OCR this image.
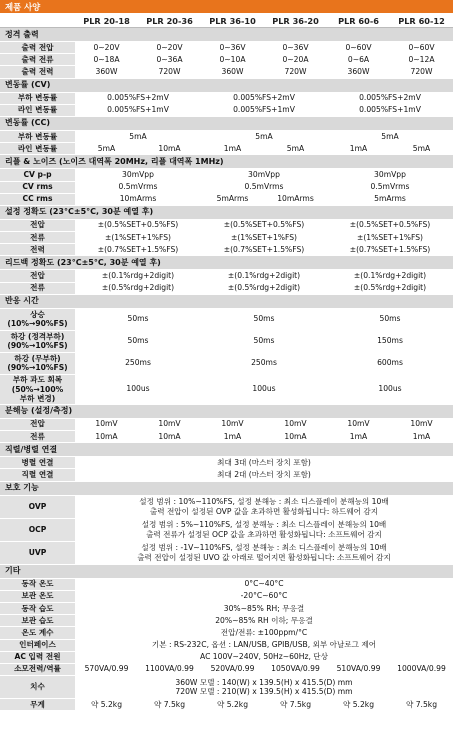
제품 사양						
	PLR 20-18	PLR 20-36	PLR 36-10	PLR 36-20	PLR 60-6	PLR 60-12
정격 출력						
출력 전압	0~20V	0~20V	0~36V	0~36V	0~60V	0~60V
출력 전류	0~18A	0~36A	0~10A	0~20A	0~6A	0~12A
출력 전력	360W	720W	360W	720W	360W	720W
변동률 (CV)						
부하 변동률	0.005%FS+2mV		0.005%FS+2mV		0.005%FS+2mV	
라인 변동률	0.005%FS+1mV		0.005%FS+1mV		0.005%FS+1mV	
변동률 (CC)						
부하 변동률	5mA		5mA		5mA	
라인 변동률	5mA	10mA	1mA	5mA	1mA	5mA
리플 & 노이즈 (노이즈 대역폭 20MHz, 리플 대역폭 1MHz)						
CV p-p	30mVpp		30mVpp		30mVpp	
CV rms	0.5mVrms		0.5mVrms		0.5mVrms	
CC rms	10mArms		5mArms	10mArms	5mArms	
설정 정확도 (23°C±5°C, 30분 예열 후)						
전압	±(0.5%SET+0.5%FS)		±(0.5%SET+0.5%FS)		±(0.5%SET+0.5%FS)	
전류	±(1%SET+1%FS)		±(1%SET+1%FS)		±(1%SET+1%FS)	
전력	±(0.7%SET+1.5%FS)		±(0.7%SET+1.5%FS)		±(0.7%SET+1.5%FS)	
리드백 정확도 (23°C±5°C, 30분 예열 후)						
전압	±(0.1%rdg+2digit)		±(0.1%rdg+2digit)		±(0.1%rdg+2digit)	
전류	±(0.5%rdg+2digit)		±(0.5%rdg+2digit)		±(0.5%rdg+2digit)	
반응 시간						

상승
(10%→90%FS)	50ms		50ms		50ms	

하강 (정격부하)
(90%→10%FS)	50ms		50ms		150ms	

하강 (무부하)
(90%→10%FS)	250ms		250ms		600ms	

부하 과도 회복
(50%→100%
부하 변경)	100us		100us		100us	
분해능 (설정/측정)						
전압	10mV	10mV	10mV	10mV	10mV	10mV
전류	10mA	10mA	1mA	10mA	1mA	1mA
직렬/병렬 연결						
병렬 연결	최대 3대 (마스터 장치 포함)					
직렬 연결	최대 2대 (마스터 장치 포함)					
보호 기능						
OVP	설정 범위 : 10%~110%FS, 설정 분해능 : 최소 디스플레이 분해능의 10배
출력 전압이 설정된 OVP 값을 초과하면 활성화됩니다: 하드웨어 감지					

OCP	설정 범위 : 5%~110%FS, 설정 분해능 : 최소 디스플레이 분해능의 10배
출력 전류가 설정된 OCP 값을 초과하면 활성화됩니다: 소프트웨어 감지					

UVP	설정 범위 : -1V~110%FS, 설정 분해능 : 최소 디스플레이 분해능의 10배
출력 전압이 설정된 UVO 값 아래로 떨어지면 활성화됩니다: 소프트웨어 감지					

기타						
동작 온도	0°C~40°C					
보관 온도	-20°C~60°C					
동작 습도	30%~85% RH; 무응결					
보관 습도	20%~85% RH 이하; 무응결					
온도 계수	전압/전류: ±100ppm/°C					
인터페이스	기본 : RS-232C, 옵션 : LAN/USB, GPIB/USB, 외부 아날로그 제어					
AC 입력 전원	AC 100V~240V, 50Hz~60Hz, 단상					
소모전력/역률	570VA/0.99	1100VA/0.99	520VA/0.99	1050VA/0.99	510VA/0.99	1000VA/0.99
치수	360W 모델 : 140(W) x 139.5(H) x 415.5(D) mm
720W 모델 : 210(W) x 139.5(H) x 415.5(D) mm					

무게	약 5.2kg	약 7.5kg	약 5.2kg	약 7.5kg	약 5.2kg	약 7.5kg
